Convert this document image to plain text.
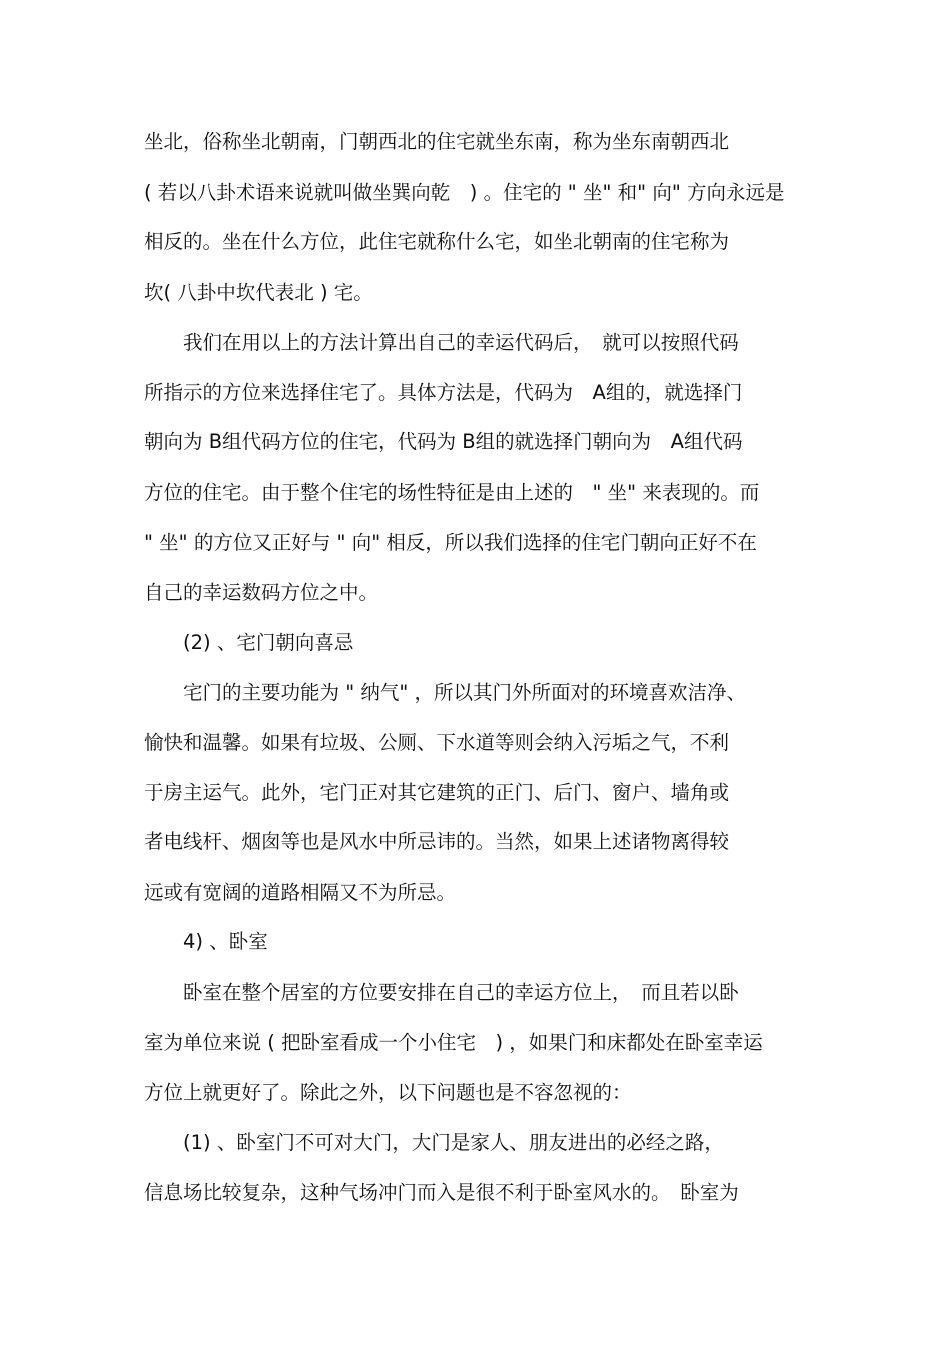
坐北，俗称坐北朝南，门朝西北的住宅就坐东南，称为坐东南朝西北
( 若以八卦术语来说就叫做坐巽向乾　) 。住宅的 " 坐" 和" 向" 方向永远是
相反的。坐在什么方位，此住宅就称什么宅，如坐北朝南的住宅称为
坎( 八卦中坎代表北 ) 宅。
　　我们在用以上的方法计算出自己的幸运代码后，　就可以按照代码
所指示的方位来选择住宅了。具体方法是，代码为　A组的，就选择门
朝向为 B组代码方位的住宅，代码为 B组的就选择门朝向为　A组代码
方位的住宅。由于整个住宅的场性特征是由上述的　" 坐" 来表现的。而
" 坐" 的方位又正好与 " 向" 相反，所以我们选择的住宅门朝向正好不在
自己的幸运数码方位之中。
　　(2) 、宅门朝向喜忌
　　宅门的主要功能为 " 纳气" ，所以其门外所面对的环境喜欢洁净、
愉快和温馨。如果有垃圾、公厕、下水道等则会纳入污垢之气，不利
于房主运气。此外，宅门正对其它建筑的正门、后门、窗户、墙角或
者电线杆、烟囱等也是风水中所忌讳的。当然，如果上述诸物离得较
远或有宽阔的道路相隔又不为所忌。
　　4) 、卧室
　　卧室在整个居室的方位要安排在自己的幸运方位上，　而且若以卧
室为单位来说 ( 把卧室看成一个小住宅　) ，如果门和床都处在卧室幸运
方位上就更好了。除此之外，以下问题也是不容忽视的：
　　(1) 、卧室门不可对大门，大门是家人、朋友进出的必经之路，
信息场比较复杂，这种气场冲门而入是很不利于卧室风水的。　卧室为
